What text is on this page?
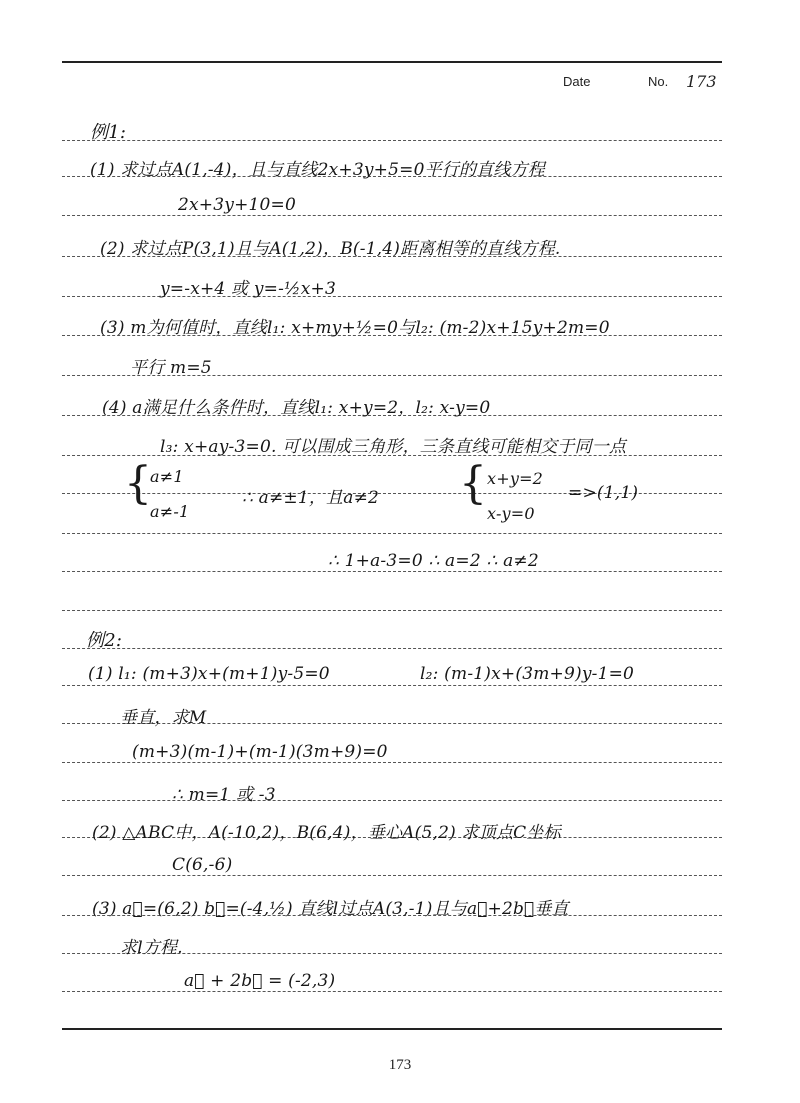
Date	No. 173
例1:
(1) 求过点A(1,-4)，且与直线2x+3y+5=0平行的直线方程
2x+3y+10=0
(2) 求过点P(3,1)且与A(1,2)，B(-1,4)距离相等的直线方程.
y=-x+4 或 y=-½x+3
(3) m为何值时，直线l₁: x+my+½=0与l₂: (m-2)x+15y+2m=0
平行 m=5
(4) a满足什么条件时，直线l₁: x+y=2，l₂: x-y=0
l₃: x+ay-3=0. 可以围成三角形，三条直线可能相交于同一点
{
a≠1
a≠-1
∴ a≠±1，且a≠2 { x+y=2
x-y=0
=>(1,1)
∴ 1+a-3=0 ∴ a=2 ∴ a≠2
例2:
(1) l₁: (m+3)x+(m+1)y-5=0	l₂: (m-1)x+(3m+9)y-1=0
垂直，求M
(m+3)(m-1)+(m-1)(3m+9)=0
∴ m=1 或 -3
(2) △ABC中，A(-10,2)，B(6,4)，垂心A(5,2) 求顶点C坐标
C(6,-6)
(3) a⃗=(6,2) b⃗=(-4,½) 直线l过点A(3,-1)且与a⃗+2b⃗垂直
求l方程.
a⃗ + 2b⃗ = (-2,3)
173
